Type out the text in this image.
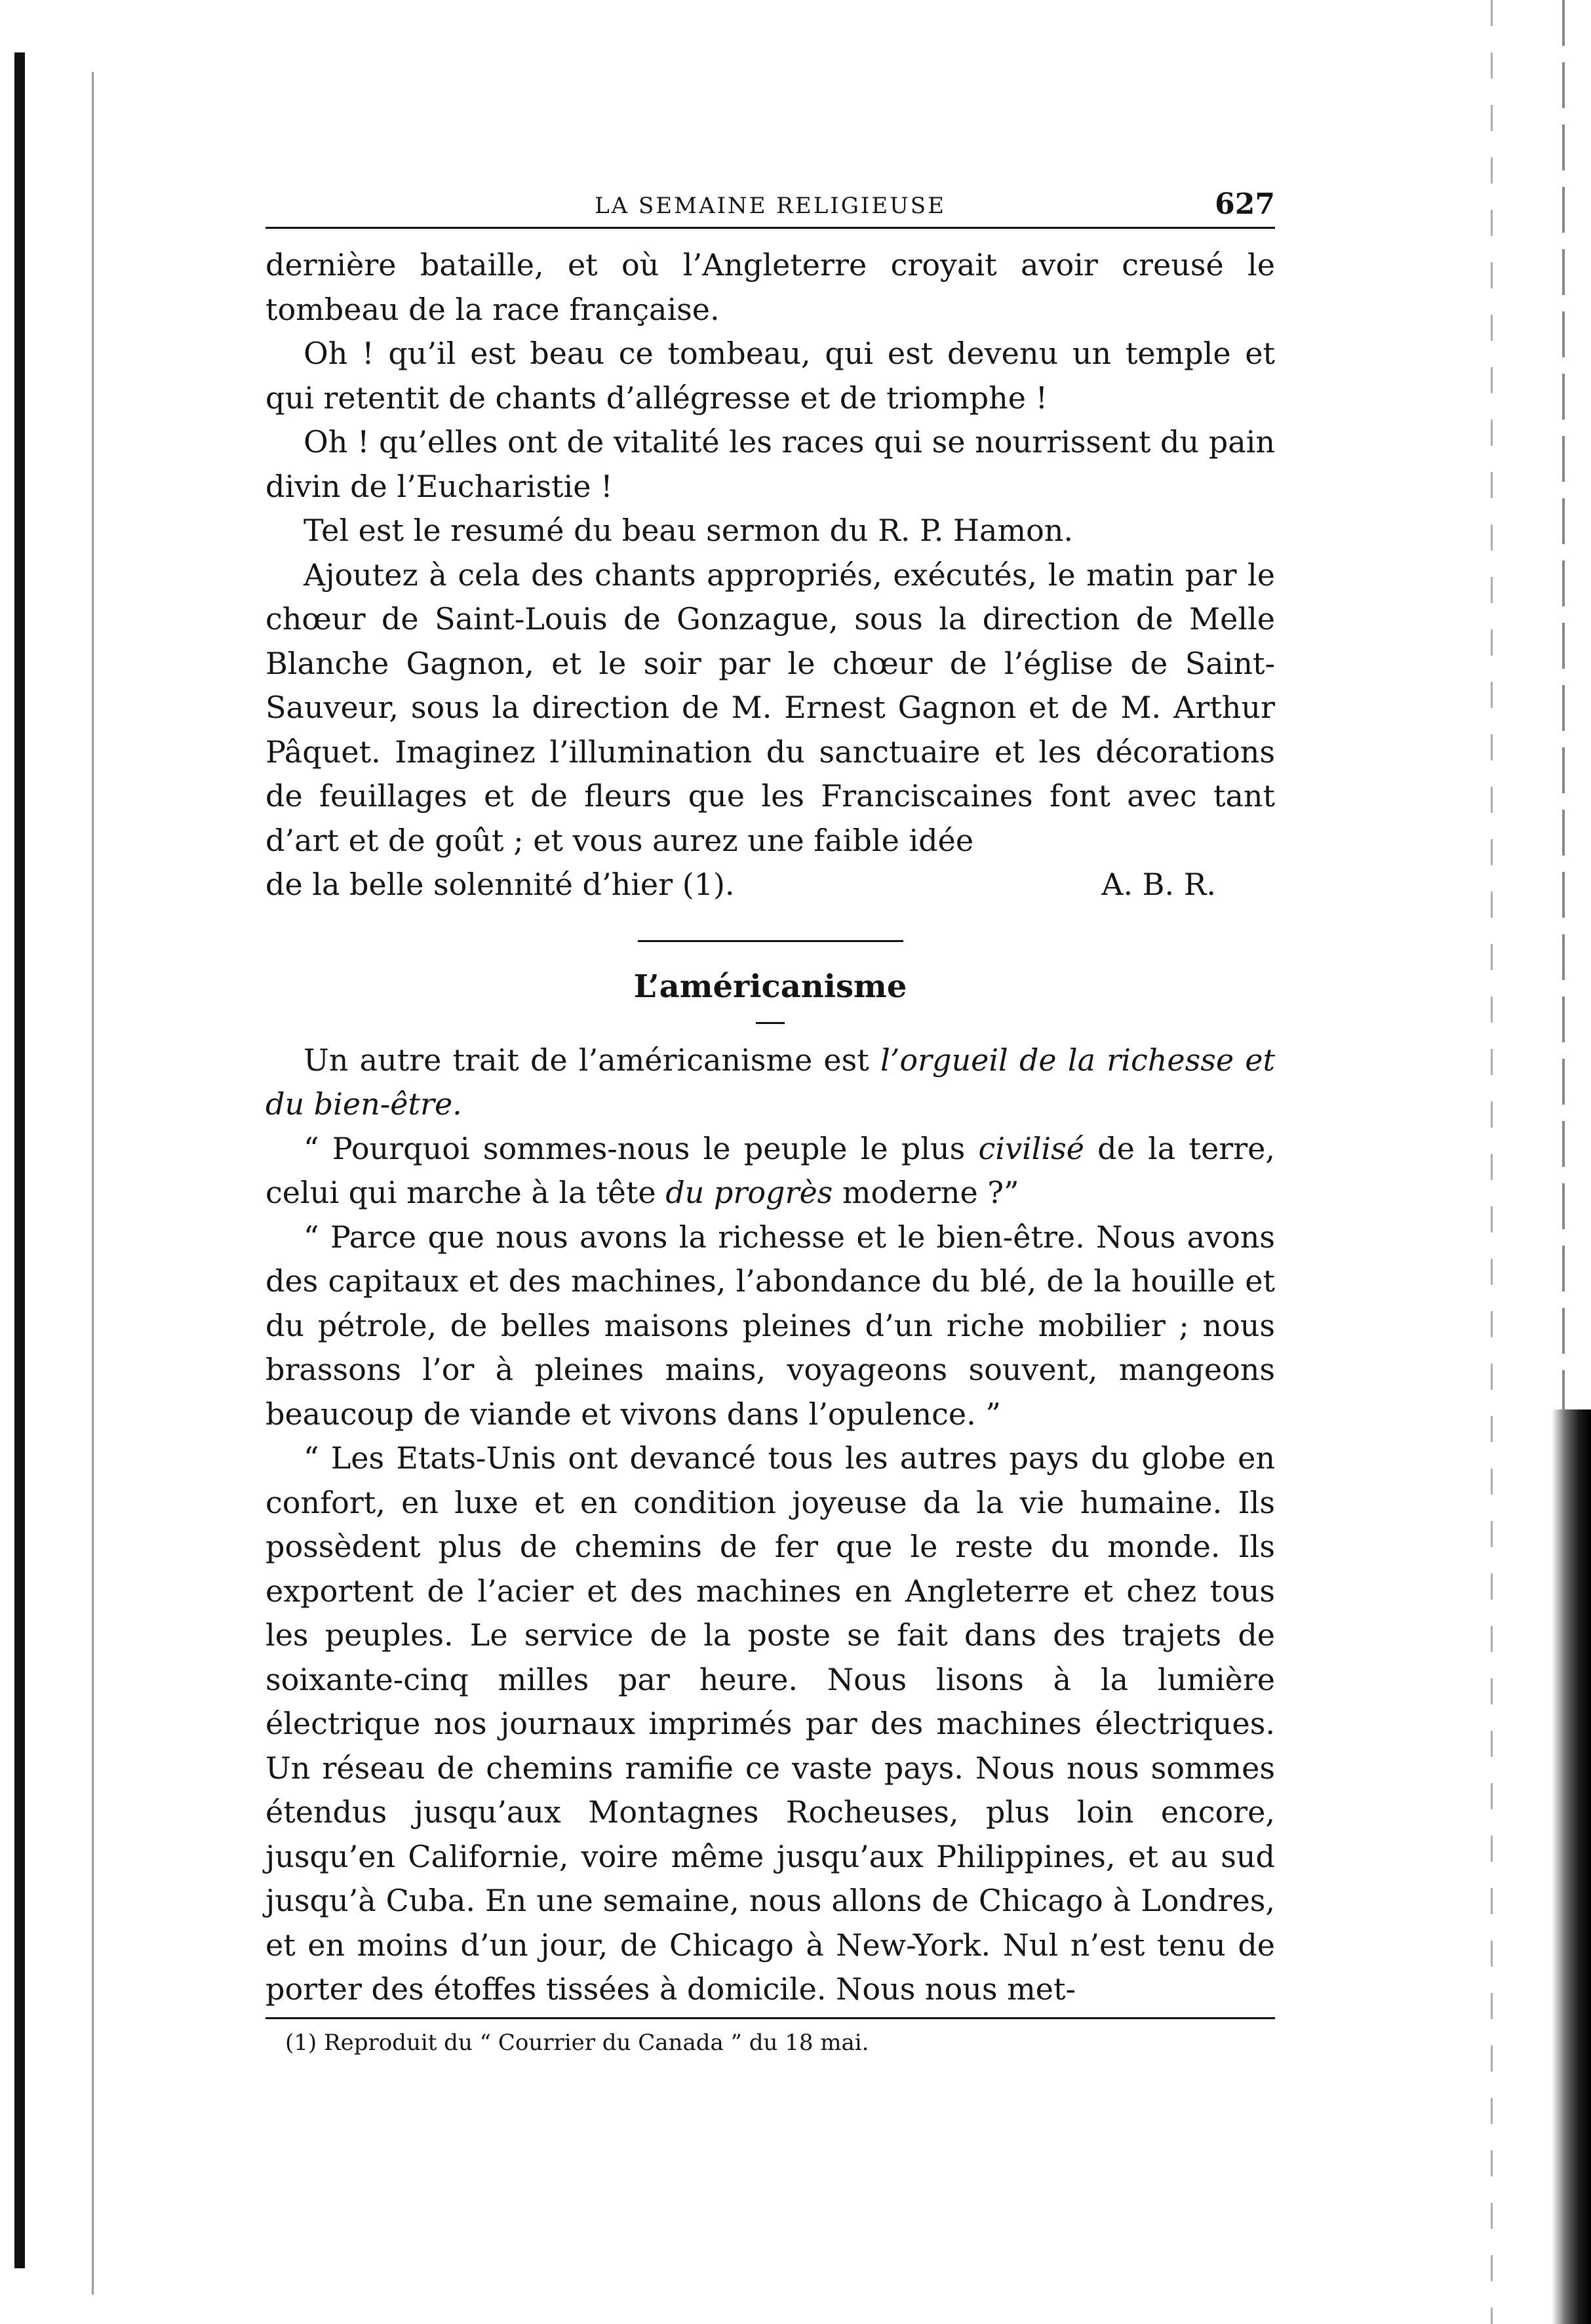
LA SEMAINE RELIGIEUSE	627

dernière bataille, et où l’Angleterre croyait avoir creusé le tombeau de la race française.

Oh ! qu’il est beau ce tombeau, qui est devenu un temple et qui retentit de chants d’allégresse et de triomphe !

Oh ! qu’elles ont de vitalité les races qui se nourrissent du pain divin de l’Eucharistie !

Tel est le resumé du beau sermon du R. P. Hamon.

Ajoutez à cela des chants appropriés, exécutés, le matin par le chœur de Saint-Louis de Gonzague, sous la direction de Melle Blanche Gagnon, et le soir par le chœur de l’église de Saint-Sauveur, sous la direction de M. Ernest Gagnon et de M. Arthur Pâquet. Imaginez l’illumination du sanctuaire et les décorations de feuillages et de fleurs que les Franciscaines font avec tant d’art et de goût ; et vous aurez une faible idée

de la belle solennité d’hier (1).	A. B. R.
L’américanisme

Un autre trait de l’américanisme est l’orgueil de la richesse et du bien-être.

“ Pourquoi sommes-nous le peuple le plus civilisé de la terre, celui qui marche à la tête du progrès moderne ?”

“ Parce que nous avons la richesse et le bien-être. Nous avons des capitaux et des machines, l’abondance du blé, de la houille et du pétrole, de belles maisons pleines d’un riche mobilier ; nous brassons l’or à pleines mains, voyageons souvent, mangeons beaucoup de viande et vivons dans l’opulence. ”

“ Les Etats-Unis ont devancé tous les autres pays du globe en confort, en luxe et en condition joyeuse da la vie humaine. Ils possèdent plus de chemins de fer que le reste du monde. Ils exportent de l’acier et des machines en Angleterre et chez tous les peuples. Le service de la poste se fait dans des trajets de soixante-cinq milles par heure. Nous lisons à la lumière électrique nos journaux imprimés par des machines électriques. Un réseau de chemins ramifie ce vaste pays. Nous nous sommes étendus jusqu’aux Montagnes Rocheuses, plus loin encore, jusqu’en Californie, voire même jusqu’aux Philippines, et au sud jusqu’à Cuba. En une semaine, nous allons de Chicago à Londres, et en moins d’un jour, de Chicago à New-York. Nul n’est tenu de porter des étoffes tissées à domicile. Nous nous met-

(1) Reproduit du “ Courrier du Canada ” du 18 mai.
